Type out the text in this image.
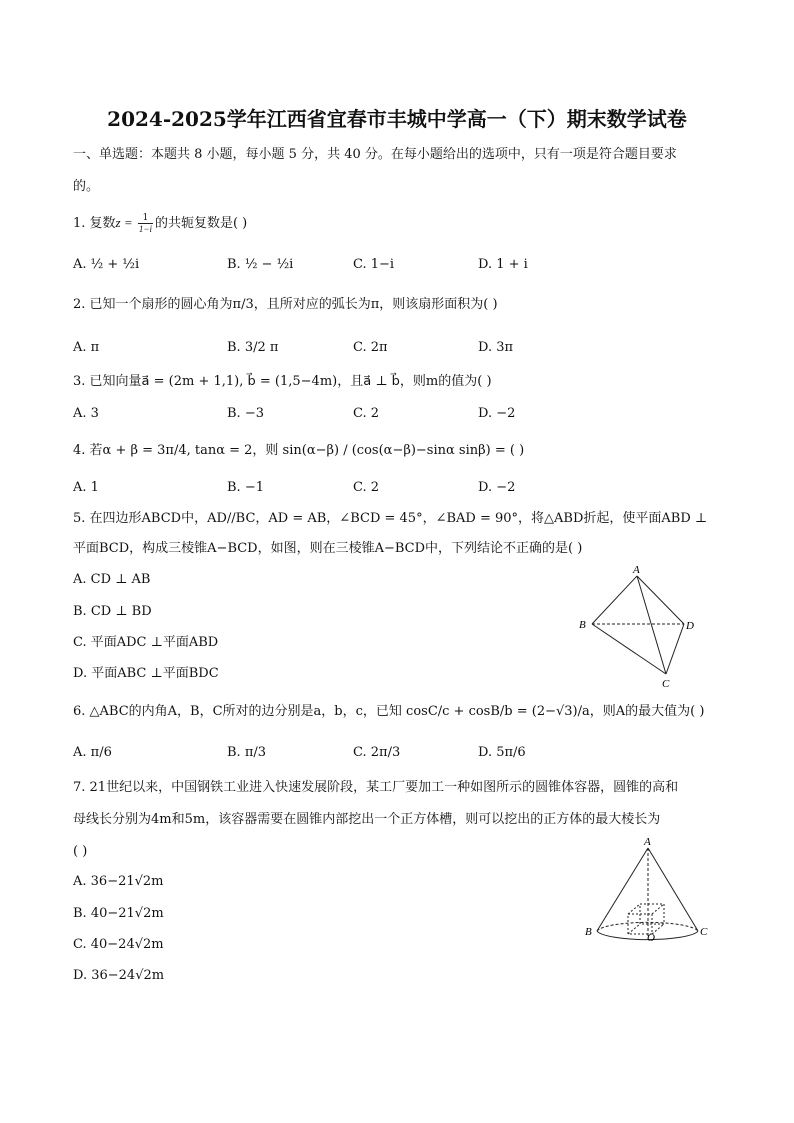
2024-2025学年江西省宜春市丰城中学高一（下）期末数学试卷
一、单选题：本题共 8 小题，每小题 5 分，共 40 分。在每小题给出的选项中，只有一项是符合题目要求
的。
1. 复数$z = \frac{1}{1-i}$ 的共轭复数是( )
A. ½ + ½i	B. ½ − ½i	C. 1−i	D. 1 + i
2. 已知一个扇形的圆心角为π/3，且所对应的弧长为π，则该扇形面积为( )
A. π	B. 3/2 π	C. 2π	D. 3π
3. 已知向量a⃗ = (2m + 1,1), b⃗ = (1,5−4m)，且a⃗ ⊥ b⃗，则m的值为( )
A. 3	B. −3	C. 2	D. −2
4. 若α + β = 3π/4, tanα = 2，则 sin(α−β) / (cos(α−β)−sinα sinβ) = ( )
A. 1	B. −1	C. 2	D. −2
5. 在四边形ABCD中，AD//BC，AD = AB，∠BCD = 45°，∠BAD = 90°，将△ABD折起，使平面ABD ⊥
平面BCD，构成三棱锥A−BCD，如图，则在三棱锥A−BCD中，下列结论不正确的是( )
A. CD ⊥ AB
B. CD ⊥ BD
C. 平面ADC ⊥平面ABD
D. 平面ABC ⊥平面BDC
A
B	D
C
6. △ABC的内角A，B，C所对的边分别是a，b，c，已知 cosC/c + cosB/b = (2−√3)/a，则A的最大值为( )
A. π/6	B. π/3	C. 2π/3	D. 5π/6
7. 21世纪以来，中国钢铁工业进入快速发展阶段，某工厂要加工一种如图所示的圆锥体容器，圆锥的高和
母线长分别为4m和5m，该容器需要在圆锥内部挖出一个正方体槽，则可以挖出的正方体的最大棱长为
( )
A. 36−21√2m
B. 40−21√2m
C. 40−24√2m
D. 36−24√2m
A
B	O	C
